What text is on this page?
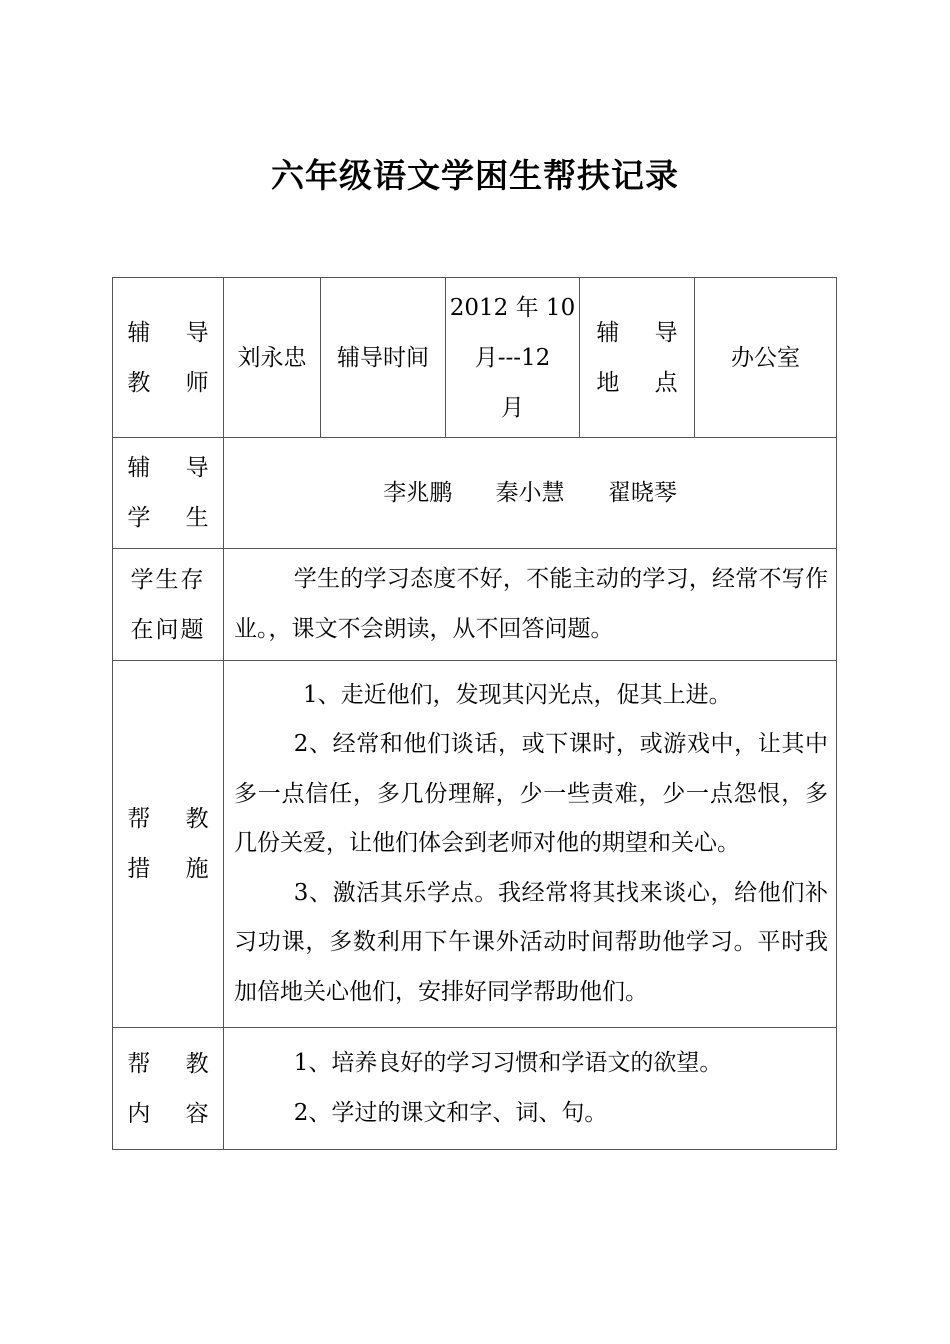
六年级语文学困生帮扶记录
辅 导
教 师	刘永忠	辅导时间	2012 年 10
月---12
月	辅 导
地 点	办公室

辅 导
学 生	李兆鹏 秦小慧 翟晓琴				

学生存
在问题	学生的学习态度不好，不能主动的学习，经常不写作业。，课文不会朗读，从不回答问题。				

帮 教
措 施	1、走近他们，发现其闪光点，促其上进。
2、经常和他们谈话，或下课时，或游戏中，让其中多一点信任，多几份理解，少一些责难，少一点怨恨，多几份关爱，让他们体会到老师对他的期望和关心。
3、激活其乐学点。我经常将其找来谈心，给他们补习功课，多数利用下午课外活动时间帮助他学习。平时我加倍地关心他们，安排好同学帮助他们。				

帮 教
内 容	1、培养良好的学习习惯和学语文的欲望。
2、学过的课文和字、词、句。				
